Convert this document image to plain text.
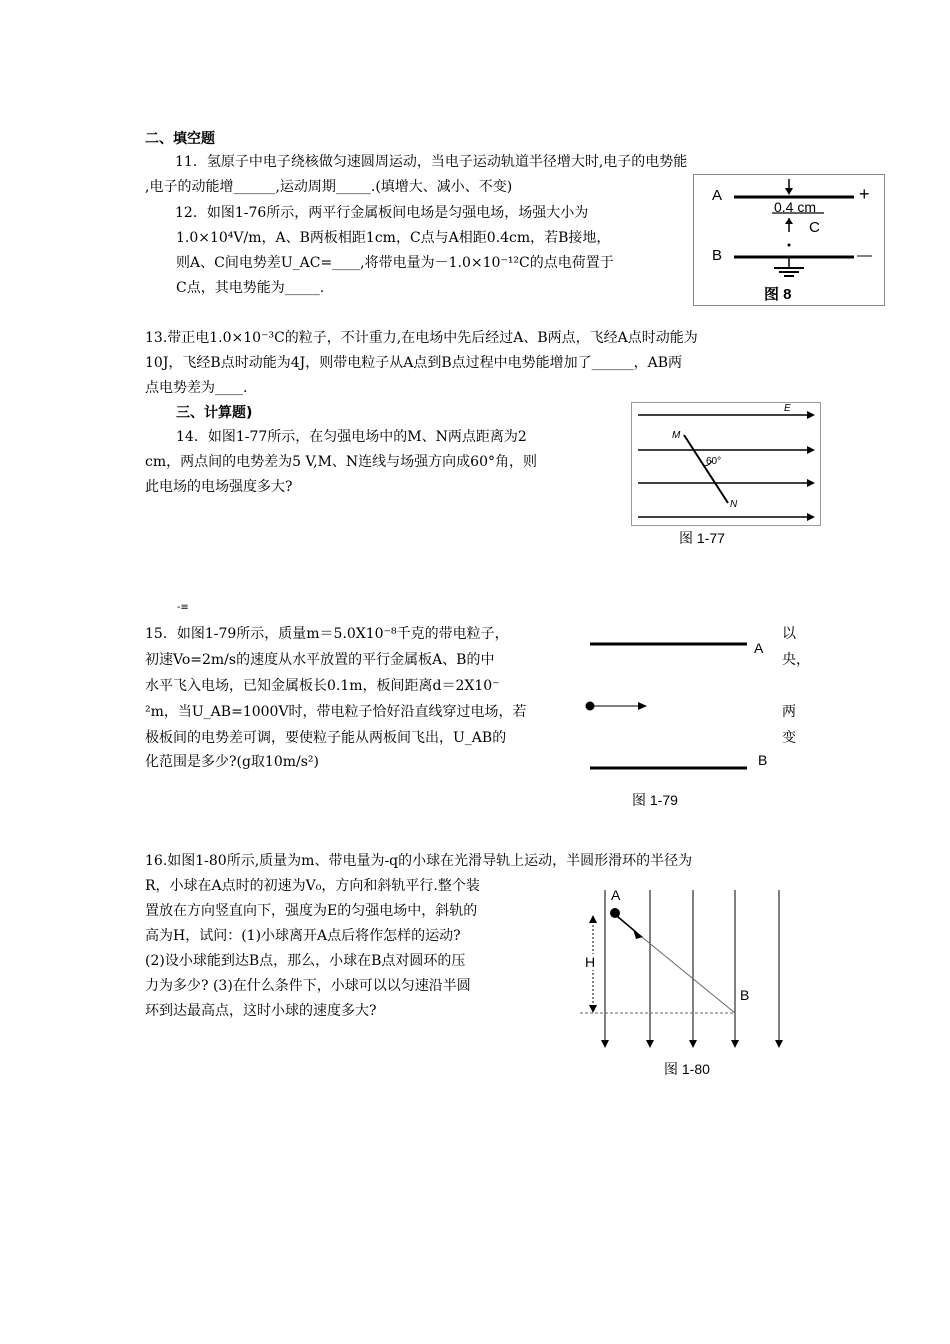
二、填空题
11．氢原子中电子绕核做匀速圆周运动，当电子运动轨道半径增大时,电子的电势能
,电子的动能增______,运动周期_____.(填增大、减小、不变)
12．如图1-76所示，两平行金属板间电场是匀强电场，场强大小为
1.0×10⁴V/m，A、B两板相距1cm，C点与A相距0.4cm，若B接地，
则A、C间电势差U_AC=____,将带电量为－1.0×10⁻¹²C的点电荷置于
C点，其电势能为_____.
A	+
0.4 cm
C
B	—
图 8
13.带正电1.0×10⁻³C的粒子，不计重力,在电场中先后经过A、B两点，飞经A点时动能为
10J，飞经B点时动能为4J，则带电粒子从A点到B点过程中电势能增加了______，AB两
点电势差为____.
三、计算题)
14．如图1-77所示，在匀强电场中的M、N两点距离为2
cm，两点间的电势差为5 V,M、N连线与场强方向成60°角，则
此电场的电场强度多大?
E
M
60°
N
图 1-77
-≡
15．如图1-79所示，质量m＝5.0X10⁻⁸千克的带电粒子，
初速Vo=2m/s的速度从水平放置的平行金属板A、B的中
水平飞入电场，已知金属板长0.1m，板间距离d＝2X10⁻
²m，当U_AB=1000V时，带电粒子恰好沿直线穿过电场，若
极板间的电势差可调，要使粒子能从两板间飞出，U_AB的
化范围是多少?(g取10m/s²)
以
央，
两
变
A
B
图 1-79
16.如图1-80所示,质量为m、带电量为-q的小球在光滑导轨上运动，半圆形滑环的半径为
R，小球在A点时的初速为V₀，方向和斜轨平行.整个装
置放在方向竖直向下，强度为E的匀强电场中，斜轨的
高为H，试问：(1)小球离开A点后将作怎样的运动?
(2)设小球能到达B点，那么，小球在B点对圆环的压
力为多少? (3)在什么条件下，小球可以以匀速沿半圆
环到达最高点，这时小球的速度多大?
A
H
B
图 1-80
